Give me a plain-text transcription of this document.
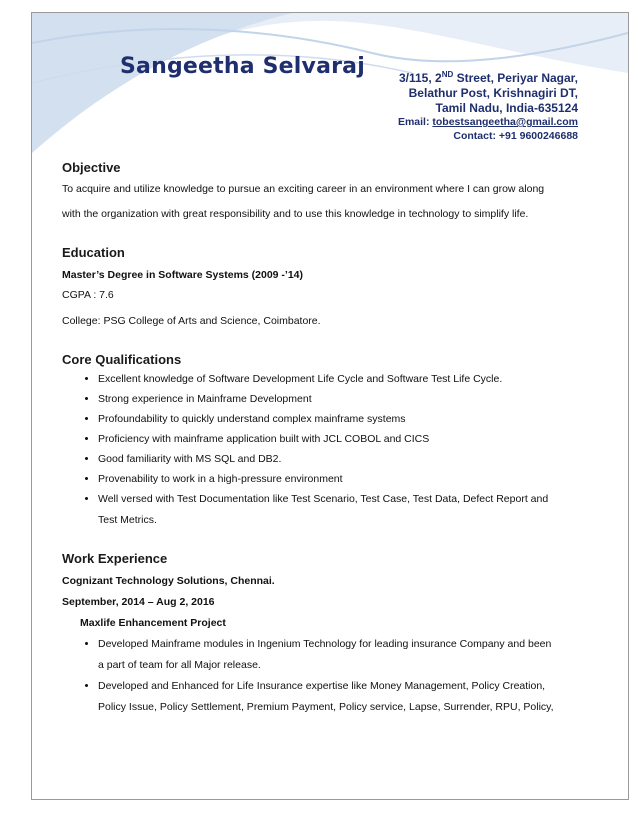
Sangeetha Selvaraj	3/115, 2ND Street, Periyar Nagar,
Belathur Post, Krishnagiri DT,
Tamil Nadu, India-635124
Email: tobestsangeetha@gmail.com
Contact: +91 9600246688

Objective

To acquire and utilize knowledge to pursue an exciting career in an environment where I can grow along

with the organization with great responsibility and to use this knowledge in technology to simplify life.

Education

Master’s Degree in Software Systems (2009 -’14)

CGPA : 7.6

College: PSG College of Arts and Science, Coimbatore.

Core Qualifications

• Excellent knowledge of Software Development Life Cycle and Software Test Life Cycle.
• Strong experience in Mainframe Development
• Profoundability to quickly understand complex mainframe systems
• Proficiency with mainframe application built with JCL COBOL and CICS
• Good familiarity with MS SQL and DB2.
• Provenability to work in a high-pressure environment
• Well versed with Test Documentation like Test Scenario, Test Case, Test Data, Defect Report and
Test Metrics.

Work Experience

Cognizant Technology Solutions, Chennai.

September, 2014 – Aug 2, 2016

Maxlife Enhancement Project

• Developed Mainframe modules in Ingenium Technology for leading insurance Company and been
a part of team for all Major release.
• Developed and Enhanced for Life Insurance expertise like Money Management, Policy Creation,
Policy Issue, Policy Settlement, Premium Payment, Policy service, Lapse, Surrender, RPU, Policy,
